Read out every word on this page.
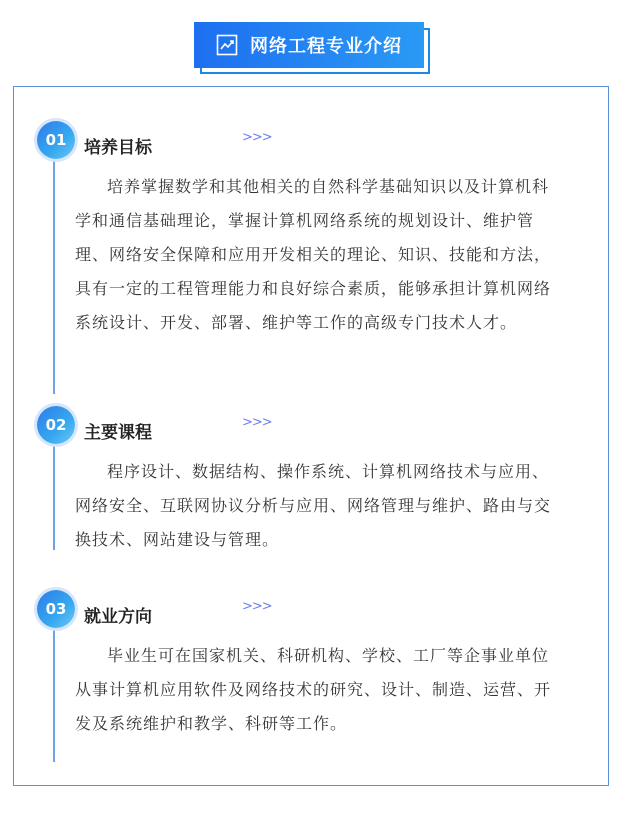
网络工程专业介绍
01	培养目标
>>>

培养掌握数学和其他相关的自然科学基础知识以及计算机科学和通信基础理论，掌握计算机网络系统的规划设计、维护管理、网络安全保障和应用开发相关的理论、知识、技能和方法，具有一定的工程管理能力和良好综合素质，能够承担计算机网络系统设计、开发、部署、维护等工作的高级专门技术人才。

02	主要课程
>>>

程序设计、数据结构、操作系统、计算机网络技术与应用、网络安全、互联网协议分析与应用、网络管理与维护、路由与交换技术、网站建设与管理。

03	就业方向
>>>

毕业生可在国家机关、科研机构、学校、工厂等企事业单位从事计算机应用软件及网络技术的研究、设计、制造、运营、开发及系统维护和教学、科研等工作。
